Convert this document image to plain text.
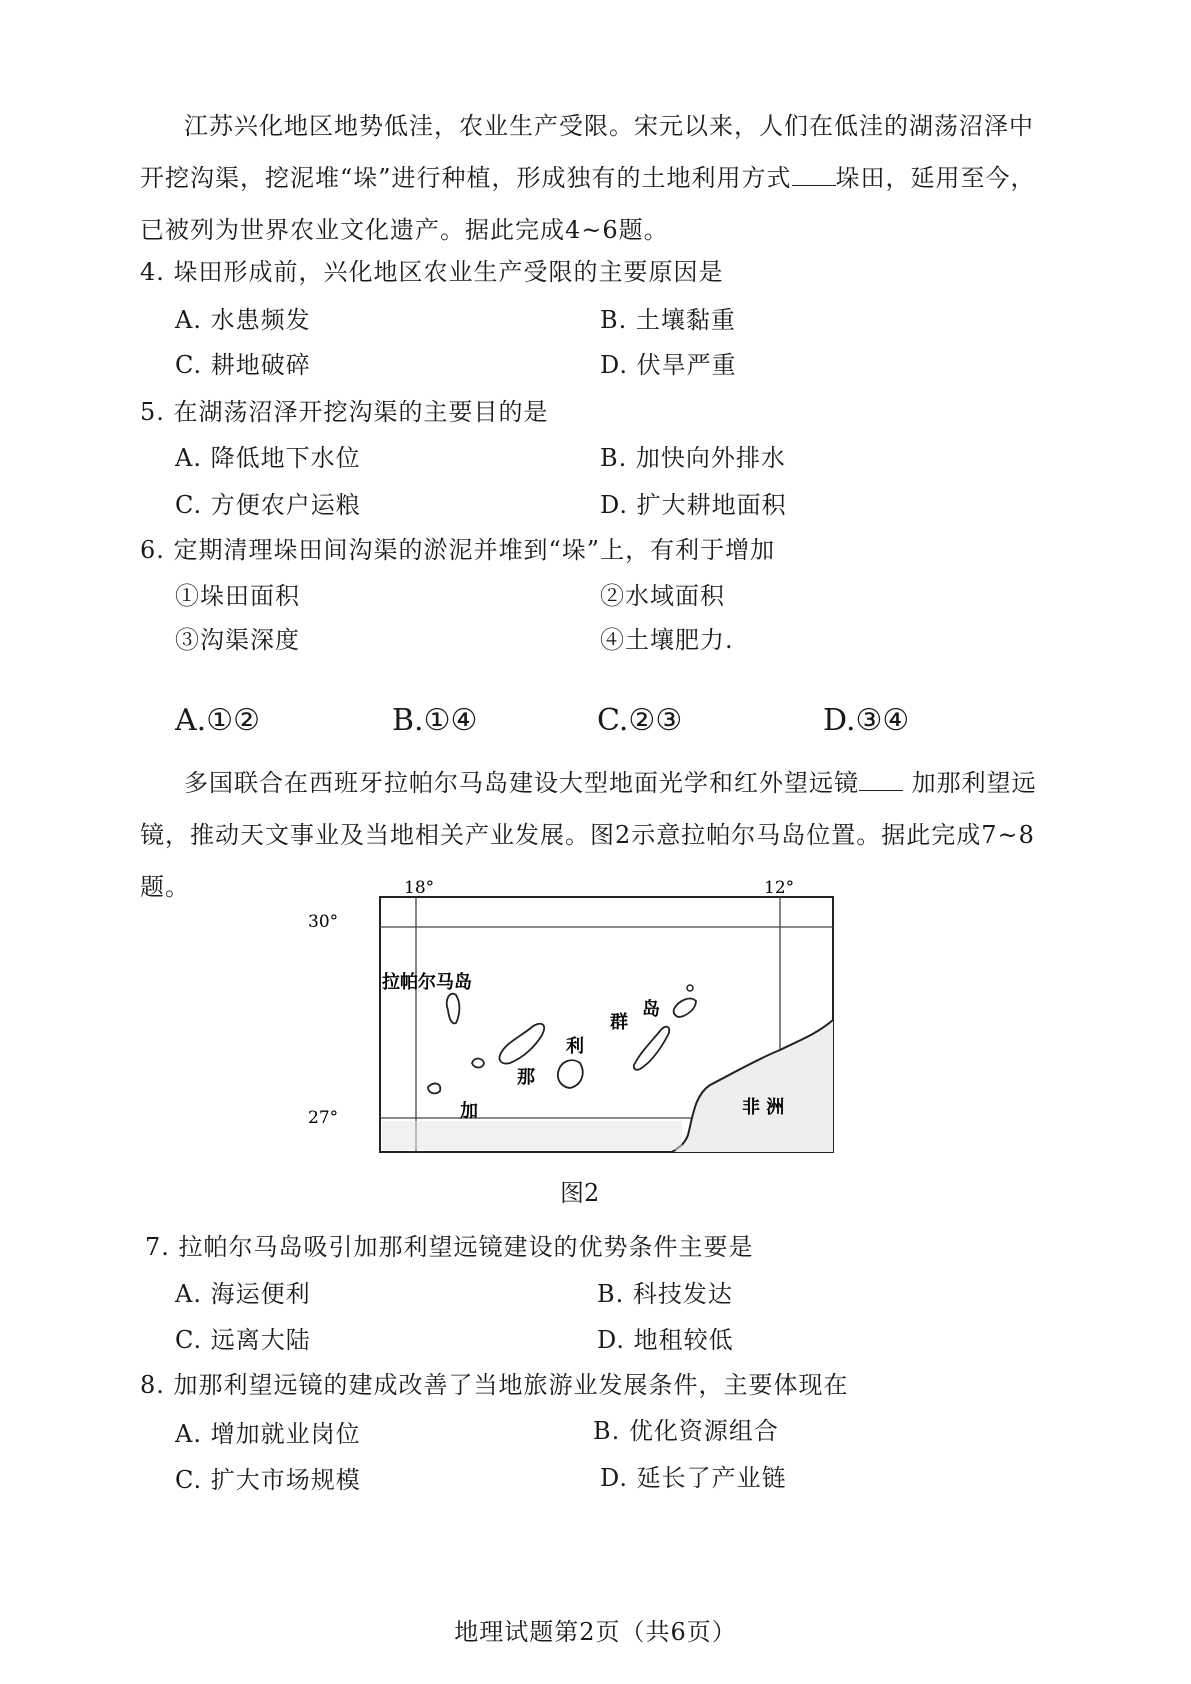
江苏兴化地区地势低洼，农业生产受限。宋元以来，人们在低洼的湖荡沼泽中开挖沟渠，挖泥堆“垛”进行种植，形成独有的土地利用方式 垛田，延用至今，已被列为世界农业文化遗产。据此完成4~6题。
4. 垛田形成前，兴化地区农业生产受限的主要原因是
A. 水患频发	B. 土壤黏重
C. 耕地破碎	D. 伏旱严重
5. 在湖荡沼泽开挖沟渠的主要目的是
A. 降低地下水位	B. 加快向外排水
C. 方便农户运粮	D. 扩大耕地面积
6. 定期清理垛田间沟渠的淤泥并堆到“垛”上，有利于增加
①垛田面积	②水域面积
③沟渠深度	④土壤肥力.
A.①②	B.①④	C.②③	D.③④
多国联合在西班牙拉帕尔马岛建设大型地面光学和红外望远镜 加那利望远镜，推动天文事业及当地相关产业发展。图2示意拉帕尔马岛位置。据此完成7~8题。	18°	12°
30°
27°
拉帕尔马岛
加
那
利
群
岛
非 洲
图2
7. 拉帕尔马岛吸引加那利望远镜建设的优势条件主要是
A. 海运便利	B. 科技发达
C. 远离大陆	D. 地租较低
8. 加那利望远镜的建成改善了当地旅游业发展条件，主要体现在
A. 增加就业岗位	B. 优化资源组合
C. 扩大市场规模	D. 延长了产业链
地理试题第2页（共6页）
